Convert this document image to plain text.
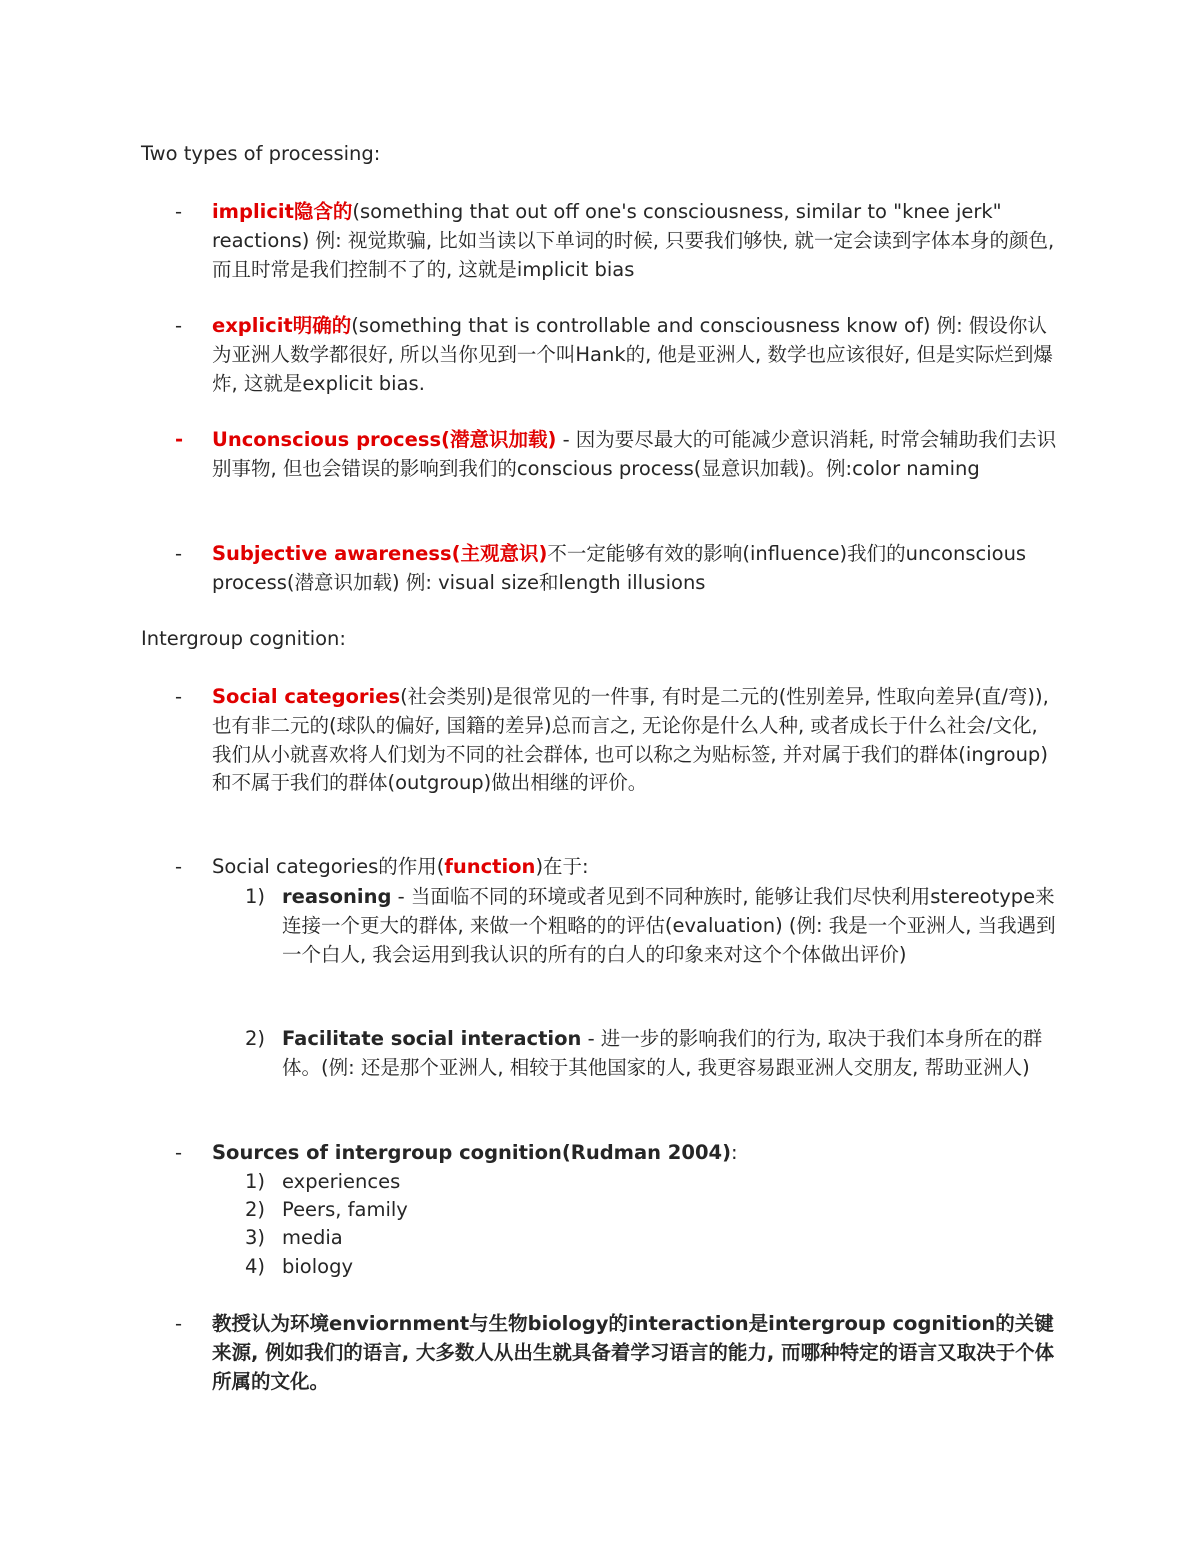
Two types of processing:
-	implicit隐含的(something that out off one's consciousness, similar to "knee jerk" reactions) 例: 视觉欺骗, 比如当读以下单词的时候, 只要我们够快, 就一定会读到字体本身的颜色, 而且时常是我们控制不了的, 这就是implicit bias
-	explicit明确的(something that is controllable and consciousness know of) 例: 假设你认为亚洲人数学都很好, 所以当你见到一个叫Hank的, 他是亚洲人, 数学也应该很好, 但是实际烂到爆炸, 这就是explicit bias.
-	Unconscious process(潜意识加载) - 因为要尽最大的可能减少意识消耗, 时常会辅助我们去识别事物, 但也会错误的影响到我们的conscious process(显意识加载)。例:color naming
-	Subjective awareness(主观意识)不一定能够有效的影响(influence)我们的unconscious process(潜意识加载) 例: visual size和length illusions
Intergroup cognition:
-	Social categories(社会类别)是很常见的一件事, 有时是二元的(性别差异, 性取向差异(直/弯)), 也有非二元的(球队的偏好, 国籍的差异)总而言之, 无论你是什么人种, 或者成长于什么社会/文化, 我们从小就喜欢将人们划为不同的社会群体, 也可以称之为贴标签, 并对属于我们的群体(ingroup)和不属于我们的群体(outgroup)做出相继的评价。
-	Social categories的作用(function)在于:
1) reasoning - 当面临不同的环境或者见到不同种族时, 能够让我们尽快利用stereotype来连接一个更大的群体, 来做一个粗略的的评估(evaluation) (例: 我是一个亚洲人, 当我遇到一个白人, 我会运用到我认识的所有的白人的印象来对这个个体做出评价)
2) Facilitate social interaction - 进一步的影响我们的行为, 取决于我们本身所在的群体。(例: 还是那个亚洲人, 相较于其他国家的人, 我更容易跟亚洲人交朋友, 帮助亚洲人)
-	Sources of intergroup cognition(Rudman 2004):
1) experiences
2) Peers, family
3) media
4) biology
-	教授认为环境enviornment与生物biology的interaction是intergroup cognition的关键来源, 例如我们的语言, 大多数人从出生就具备着学习语言的能力, 而哪种特定的语言又取决于个体所属的文化。
